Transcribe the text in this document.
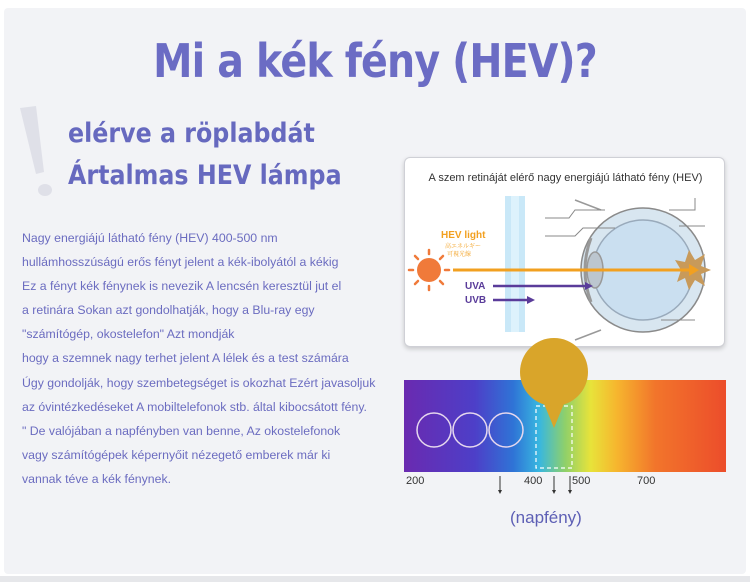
Mi a kék fény (HEV)?
elérve a röplabdát
Ártalmas HEV lámpa
Nagy energiájú látható fény (HEV) 400-500 nm
hullámhosszúságú erős fényt jelent a kék-ibolyától a kékig
Ez a fényt kék fénynek is nevezik A lencsén keresztül jut el
a retinára Sokan azt gondolhatják, hogy a Blu-ray egy
"számítógép, okostelefon" Azt mondják
hogy a szemnek nagy terhet jelent A lélek és a test számára
Úgy gondolják, hogy szembetegséget is okozhat Ezért javasoljuk
az óvintézkedéseket A mobiltelefonok stb. által kibocsátott fény.
" De valójában a napfényben van benne, Az okostelefonok
vagy számítógépek képernyőit nézegető emberek már ki
vannak téve a kék fénynek.
A szem retináját elérő nagy energiájú látható fény (HEV)
HEV light
高エネルギー
可視光線
UVA
UVB
200	400	500	700
(napfény)
